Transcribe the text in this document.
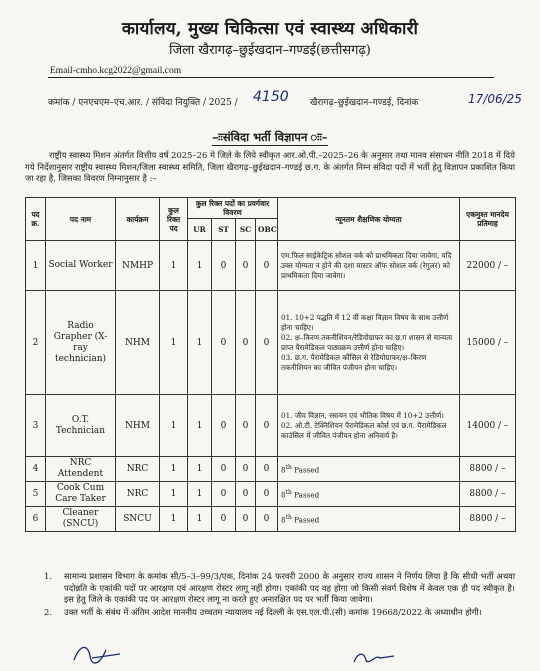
कार्यालय, मुख्य चिकित्सा एवं स्वास्थ्य अधिकारी
जिला खैरागढ़–छुईखदान–गण्डई(छत्तीसगढ़)
Email-cmho.kcg2022@gmail.com
कमांक / एनएचएम–एच.आर. / संविदा नियुक्ति / 2025 / 4150 खैरागढ़–छुईखदान–गण्डई, दिनांक	17/06/25
–ःःसंविदा भर्ती विज्ञापन ःः–
राष्ट्रीय स्वास्थ्य मिशन अंतर्गत वित्तीय वर्ष 2025–26 मे जिले के लिये स्वीकृत आर.ओ.पी.–2025–26 के अनुसार तथा मानव संसाधन नीति 2018 में दिये गये निर्देशानुसार राष्ट्रीय स्वास्थ्य मिशन/जिला स्वास्थ्य समिति, जिला खैरागढ़–छुईखदान–गण्डई छ.ग. के अंतर्गत निम्न संविदा पदों में भर्ती हेतु विज्ञापन प्रकाशित किया जा रहा है, जिसका विवरण निम्नानुसार है :–
पद क्र.	पद नाम	कार्यक्रम	कुल रिक्त पद	कुल रिक्त पदों का प्रवर्गवार विवरण				न्यूनतम शैक्षणिक योग्यता	एकमुश्त मानदेय प्रतिमाह
				UR	ST	SC	OBC		
1	Social Worker	NMHP	1	1	0	0	0	एम.फिल साईकेट्रिक सोशल वर्क को प्राथमिकता दिया जावेगा, यदि उक्त योग्यता न होने की दशा मास्टर ऑफ सोशल वर्क (रेगुलर) को प्राथमिकता दिया जावेगा।	22000 / –
2	Radio Grapher (X-ray technician)	NHM	1	1	0	0	0	01. 10+2 पद्धति में 12 वीं कक्षा विज्ञान विषय के साथ उत्तीर्ण होना चाहिए।
02. क्ष–किरण तकनीशियन/रेडियोग्राफर का छ.ग शासन से मान्यता प्राप्त पैरामेडिकल पाठ्यक्रम उत्तीर्ण होना चाहिए।
03. छ.ग. पैरामेडिकल कौंसिल से रेडियोग्राफर/क्ष–किरण तकनीशियन का जीवित पंजीयन होना चाहिए।	15000 / –
3	O.T. Technician	NHM	1	1	0	0	0	01. जीव विज्ञान, रसायन एवं भौतिक विषय में 10+2 उत्तीर्ण।
02. ओ.टी. टेक्निशियन पैरामेडिकल कोर्स एवं छ.ग. पैरामेडिकल काउंसिल में जीवित पंजीयन होना अनिवार्य है।	14000 / –
4	NRC Attendent	NRC	1	1	0	0	0	8th Passed	8800 / –
5	Cook Cum Care Taker	NRC	1	1	0	0	0	8th Passed	8800 / –
6	Cleaner (SNCU)	SNCU	1	1	0	0	0	8th Passed	8800 / –
1. सामान्य प्रशासन विभाग के कमांक सी/5–3–99/3/एक, दिनांक 24 फरवरी 2000 के अनुसार राज्य शासन ने निर्णय लिया है कि सीधी भर्ती अथवा पदोन्नति के एकांकी पदों पर आरक्षण एवं आरक्षण रोस्टर लागू नहीं होगा। एकांकी पद वह होगा जो किसी संवर्ग विशेष में केवल एक ही पद स्वीकृत है। इस हेतु जिले के एकांकी पद पर आरक्षण रोस्टर लागू ना करते हुए अनारक्षित पद पर भर्ती किया जावेगा।
2. उक्त भर्ती के संबंध में अंतिम आदेश माननीय उच्चतम न्यायालय नई दिल्ली के एस.एल.पी.(सी) कमांक 19668/2022 के अध्याधीन होगी।
